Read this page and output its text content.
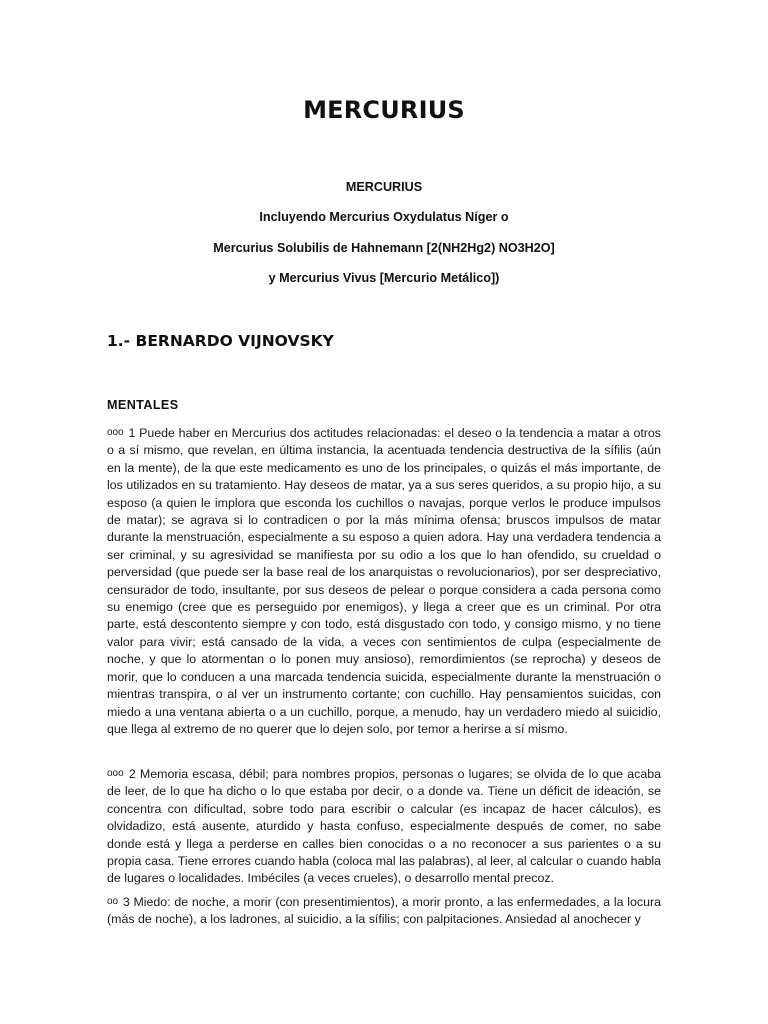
MERCURIUS
MERCURIUS
Incluyendo Mercurius Oxydulatus Níger o
Mercurius Solubilis de Hahnemann [2(NH2Hg2) NO3H2O]
y Mercurius Vivus [Mercurio Metálico])
1.- BERNARDO VIJNOVSKY
MENTALES

ooo 1 Puede haber en Mercurius dos actitudes relacionadas: el deseo o la tendencia a matar a otros o a sí mismo, que revelan, en última instancia, la acentuada tendencia destructiva de la sífilis (aún en la mente), de la que este medicamento es uno de los principales, o quizás el más importante, de los utilizados en su tratamiento. Hay deseos de matar, ya a sus seres queridos, a su propio hijo, a su esposo (a quien le implora que esconda los cuchillos o navajas, porque verlos le produce impulsos de matar); se agrava si lo contradicen o por la más mínima ofensa; bruscos impulsos de matar durante la menstruación, especialmente a su esposo a quien adora. Hay una verdadera tendencia a ser criminal, y su agresividad se manifiesta por su odio a los que lo han ofendido, su crueldad o perversidad (que puede ser la base real de los anarquistas o revolucionarios), por ser despreciativo, censurador de todo, insultante, por sus deseos de pelear o porque considera a cada persona como su enemigo (cree que es perseguido por enemigos), y llega a creer que es un criminal. Por otra parte, está descontento siempre y con todo, está disgustado con todo, y consigo mismo, y no tiene valor para vivir; está cansado de la vida, a veces con sentimientos de culpa (especialmente de noche, y que lo atormentan o lo ponen muy ansioso), remordimientos (se reprocha) y deseos de morir, que lo conducen a una marcada tendencia suicida, especialmente durante la menstruación o mientras transpira, o al ver un instrumento cortante; con cuchillo. Hay pensamientos suicidas, con miedo a una ventana abierta o a un cuchillo, porque, a menudo, hay un verdadero miedo al suicidio, que llega al extremo de no querer que lo dejen solo, por temor a herirse a sí mismo.

ooo 2 Memoria escasa, débil; para nombres propios, personas o lugares; se olvida de lo que acaba de leer, de lo que ha dicho o lo que estaba por decir, o a donde va. Tiene un déficit de ideación, se concentra con dificultad, sobre todo para escribir o calcular (es incapaz de hacer cálculos), es olvidadizo, está ausente, aturdido y hasta confuso, especialmente después de comer, no sabe donde está y llega a perderse en calles bien conocidas o a no reconocer a sus parientes o a su propia casa. Tiene errores cuando habla (coloca mal las palabras), al leer, al calcular o cuando habla de lugares o localidades. Imbéciles (a veces crueles), o desarrollo mental precoz.

oo 3 Miedo: de noche, a morir (con presentimientos), a morir pronto, a las enfermedades, a la locura (más de noche), a los ladrones, al suicidio, a la sífilis; con palpitaciones. Ansiedad al anochecer y
